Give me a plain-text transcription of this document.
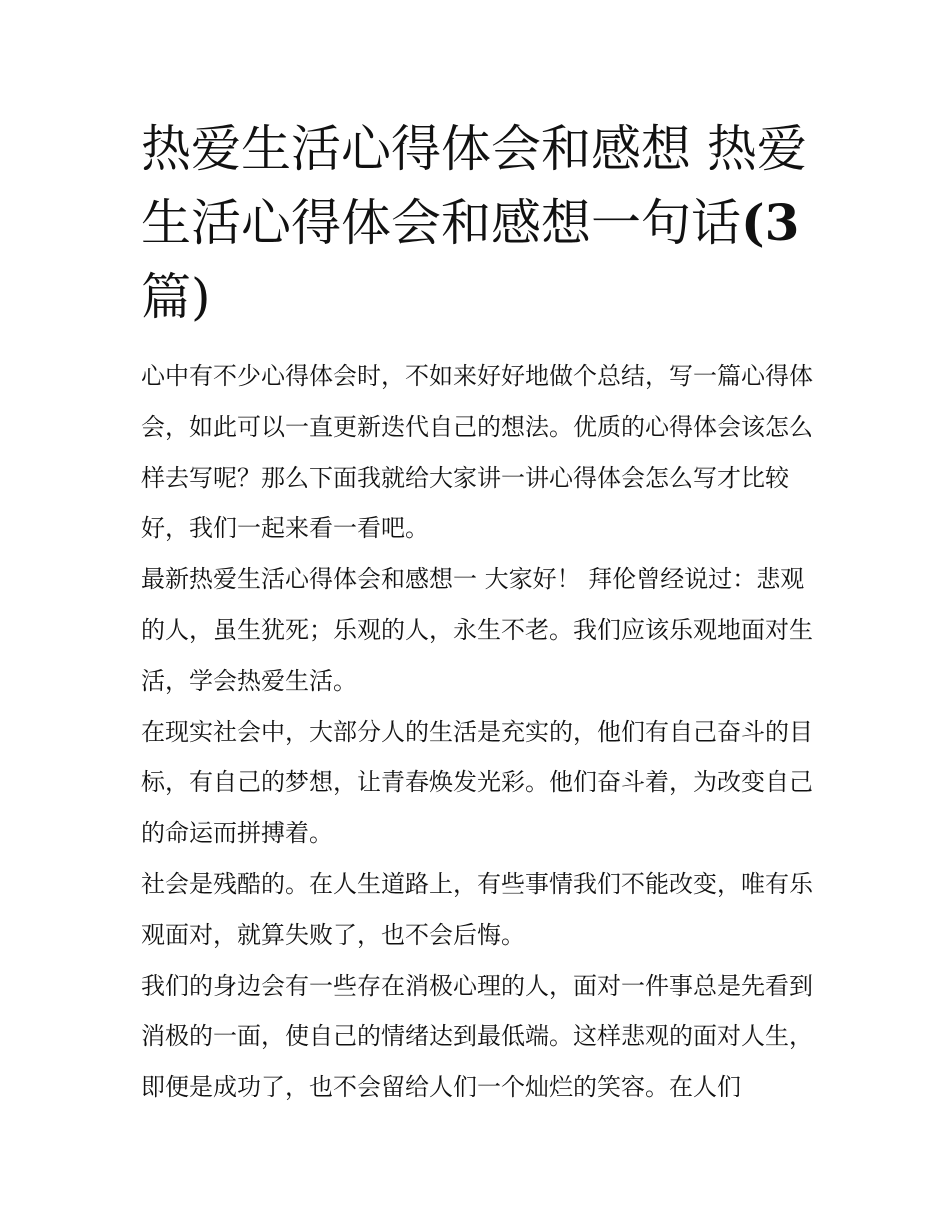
热爱生活心得体会和感想 热爱生活心得体会和感想一句话(3
篇)

心中有不少心得体会时，不如来好好地做个总结，写一篇心得体会，如此可以一直更新迭代自己的想法。优质的心得体会该怎么样去写呢？那么下面我就给大家讲一讲心得体会怎么写才比较好，我们一起来看一看吧。

最新热爱生活心得体会和感想一 大家好！ 拜伦曾经说过：悲观的人，虽生犹死；乐观的人，永生不老。我们应该乐观地面对生活，学会热爱生活。

在现实社会中，大部分人的生活是充实的，他们有自己奋斗的目标，有自己的梦想，让青春焕发光彩。他们奋斗着，为改变自己的命运而拼搏着。

社会是残酷的。在人生道路上，有些事情我们不能改变，唯有乐观面对，就算失败了，也不会后悔。

我们的身边会有一些存在消极心理的人，面对一件事总是先看到消极的一面，使自己的情绪达到最低端。这样悲观的面对人生，即便是成功了，也不会留给人们一个灿烂的笑容。在人们
